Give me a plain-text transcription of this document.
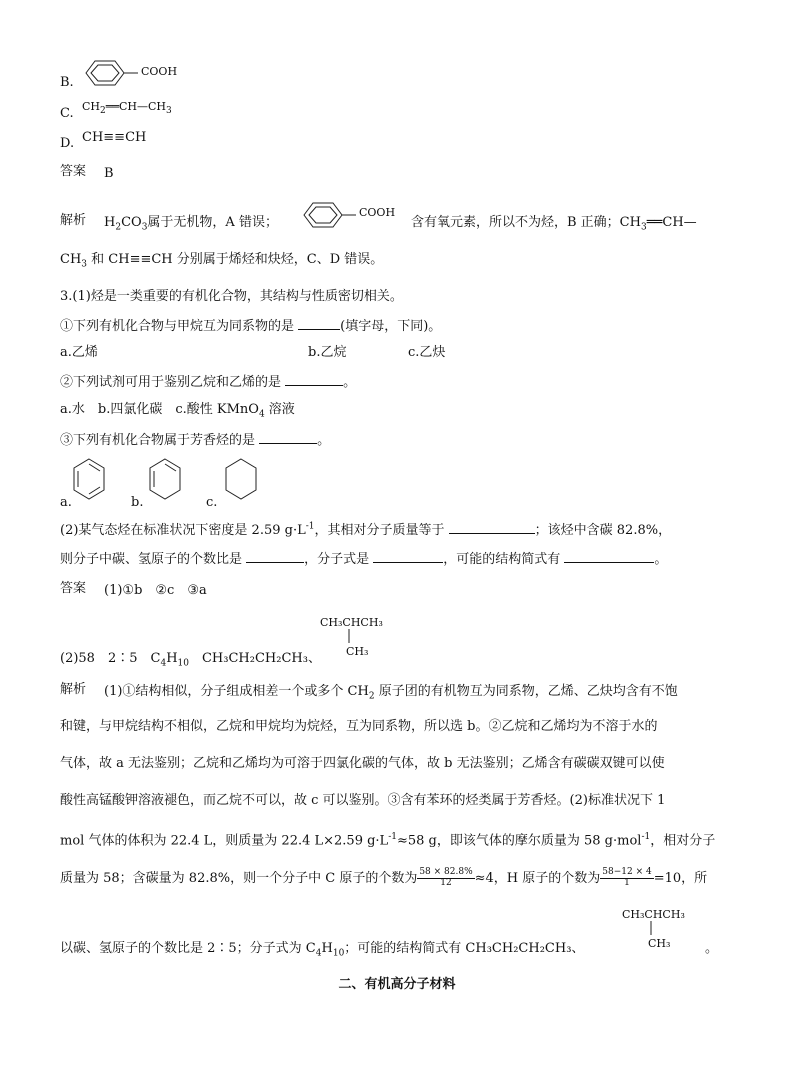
B.
COOH
C. $CH_2══CH—CH_3$
D. CH≡≡CH
答案 B
解析 $H_2CO_3$属于无机物，A 错误；
COOH
含有氧元素，所以不为烃，B 正确；$CH_3══CH—$
$CH_3$ 和 CH≡≡CH 分别属于烯烃和炔烃，C、D 错误。
3.(1)烃是一类重要的有机化合物，其结构与性质密切相关。
①下列有机化合物与甲烷互为同系物的是	(填字母，下同)。
a.乙烯	b.乙烷	c.乙炔
②下列试剂可用于鉴别乙烷和乙烯的是	。
a.水　b.四氯化碳　c.酸性 KMnO$_4$ 溶液
③下列有机化合物属于芳香烃的是	。
a.	b.	c.
(2)某气态烃在标准状况下密度是 2.59 $g\cdot L^{-1}$，其相对分子质量等于	；该烃中含碳 82.8%，
则分子中碳、氢原子的个数比是	，分子式是	，可能的结构简式有	。
答案 (1)①b　②c　③a
CH₃CHCH₃
CH₃
(2)58　2∶5　$C_4H_{10}$　CH₃CH₂CH₂CH₃、
解析 (1)①结构相似，分子组成相差一个或多个 $CH_2$ 原子团的有机物互为同系物，乙烯、乙炔均含有不饱
和键，与甲烷结构不相似，乙烷和甲烷均为烷烃，互为同系物，所以选 b。②乙烷和乙烯均为不溶于水的
气体，故 a 无法鉴别；乙烷和乙烯均为可溶于四氯化碳的气体，故 b 无法鉴别；乙烯含有碳碳双键可以使
酸性高锰酸钾溶液褪色，而乙烷不可以，故 c 可以鉴别。③含有苯环的烃类属于芳香烃。(2)标准状况下 1
mol 气体的体积为 22.4 L，则质量为 22.4 L×2.59 $g\cdot L^{-1}\approx 58$ g，即该气体的摩尔质量为 58 g·mol$^{-1}$，相对分子
质量为 58；含碳量为 82.8%，则一个分子中 C 原子的个数为 $\frac{58 \times 82.8\%}{12} \approx 4$，H 原子的个数为 $\frac{58-12 \times 4}{1} =10$，所
CH₃CHCH₃
CH₃
以碳、氢原子的个数比是 2∶5；分子式为 $C_4H_{10}$；可能的结构简式有 CH₃CH₂CH₂CH₃、	。
二、有机高分子材料
